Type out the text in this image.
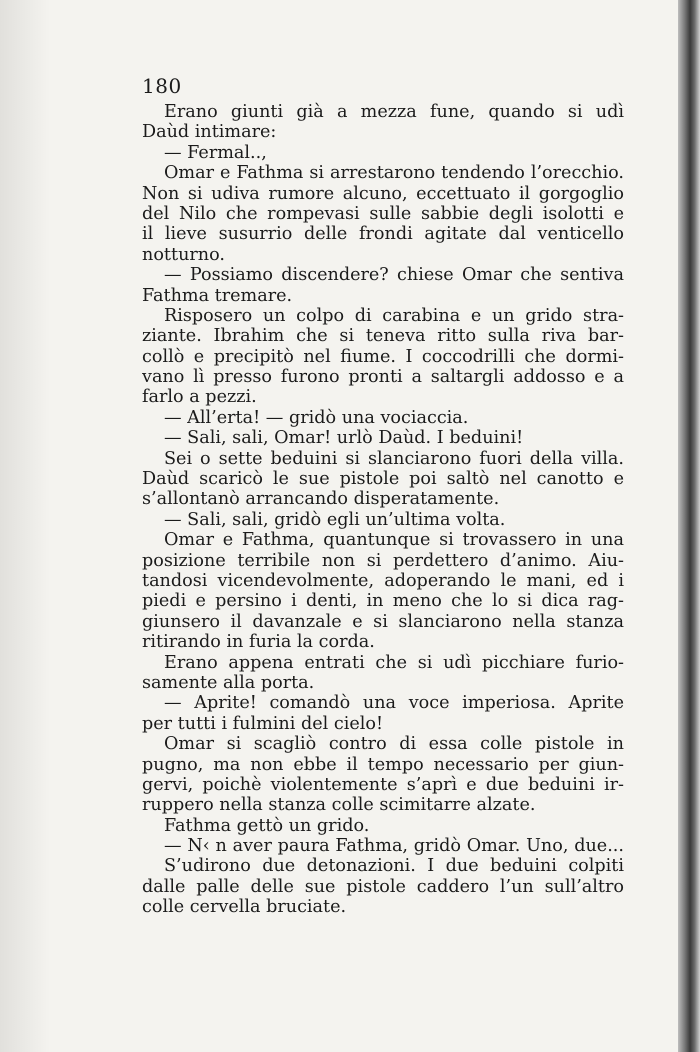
180
Erano giunti già a mezza fune, quando si udì
Daùd intimare:
— Fermal..,
Omar e Fathma si arrestarono tendendo l’orecchio.
Non si udiva rumore alcuno, eccettuato il gorgoglio
del Nilo che rompevasi sulle sabbie degli isolotti e
il lieve susurrio delle frondi agitate dal venticello
notturno.
— Possiamo discendere? chiese Omar che sentiva
Fathma tremare.
Risposero un colpo di carabina e un grido stra-
ziante. Ibrahim che si teneva ritto sulla riva bar-
collò e precipitò nel fiume. I coccodrilli che dormi-
vano lì presso furono pronti a saltargli addosso e a
farlo a pezzi.
— All’erta! — gridò una vociaccia.
— Sali, sali, Omar! urlò Daùd. I beduini!
Sei o sette beduini si slanciarono fuori della villa.
Daùd scaricò le sue pistole poi saltò nel canotto e
s’allontanò arrancando disperatamente.
— Sali, sali, gridò egli un’ultima volta.
Omar e Fathma, quantunque si trovassero in una
posizione terribile non si perdettero d’animo. Aiu-
tandosi vicendevolmente, adoperando le mani, ed i
piedi e persino i denti, in meno che lo si dica rag-
giunsero il davanzale e si slanciarono nella stanza
ritirando in furia la corda.
Erano appena entrati che si udì picchiare furio-
samente alla porta.
— Aprite! comandò una voce imperiosa. Aprite
per tutti i fulmini del cielo!
Omar si scagliò contro di essa colle pistole in
pugno, ma non ebbe il tempo necessario per giun-
gervi, poichè violentemente s’aprì e due beduini ir-
ruppero nella stanza colle scimitarre alzate.
Fathma gettò un grido.
— N‹ n aver paura Fathma, gridò Omar. Uno, due...
S’udirono due detonazioni. I due beduini colpiti
dalle palle delle sue pistole caddero l’un sull’altro
colle cervella bruciate.
